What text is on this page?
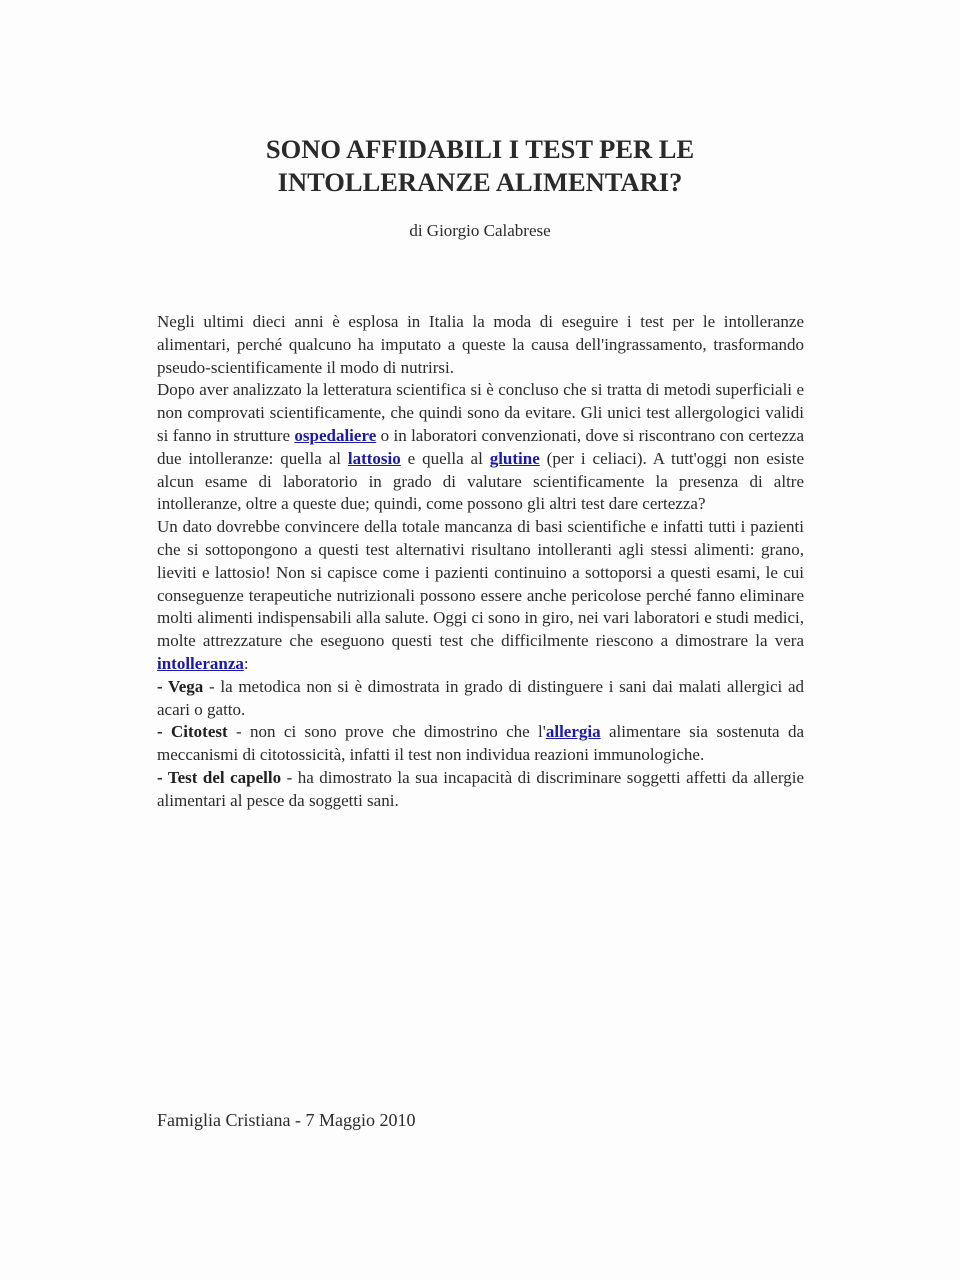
SONO AFFIDABILI I TEST PER LE
INTOLLERANZE ALIMENTARI?
di Giorgio Calabrese

Negli ultimi dieci anni è esplosa in Italia la moda di eseguire i test per le intolleranze alimentari, perché qualcuno ha imputato a queste la causa dell'ingrassamento, trasformando pseudo-scientificamente il modo di nutrirsi.

Dopo aver analizzato la letteratura scientifica si è concluso che si tratta di metodi superficiali e non comprovati scientificamente, che quindi sono da evitare. Gli unici test allergologici validi si fanno in strutture ospedaliere o in laboratori convenzionati, dove si riscontrano con certezza due intolleranze: quella al lattosio e quella al glutine (per i celiaci). A tutt'oggi non esiste alcun esame di laboratorio in grado di valutare scientificamente la presenza di altre intolleranze, oltre a queste due; quindi, come possono gli altri test dare certezza?

Un dato dovrebbe convincere della totale mancanza di basi scientifiche e infatti tutti i pazienti che si sottopongono a questi test alternativi risultano intolleranti agli stessi alimenti: grano, lieviti e lattosio! Non si capisce come i pazienti continuino a sottoporsi a questi esami, le cui conseguenze terapeutiche nutrizionali possono essere anche pericolose perché fanno eliminare molti alimenti indispensabili alla salute. Oggi ci sono in giro, nei vari laboratori e studi medici, molte attrezzature che eseguono questi test che difficilmente riescono a dimostrare la vera intolleranza:

- Vega - la metodica non si è dimostrata in grado di distinguere i sani dai malati allergici ad acari o gatto.

- Citotest - non ci sono prove che dimostrino che l'allergia alimentare sia sostenuta da meccanismi di citotossicità, infatti il test non individua reazioni immunologiche.

- Test del capello - ha dimostrato la sua incapacità di discriminare soggetti affetti da allergie alimentari al pesce da soggetti sani.

Famiglia Cristiana - 7 Maggio 2010
